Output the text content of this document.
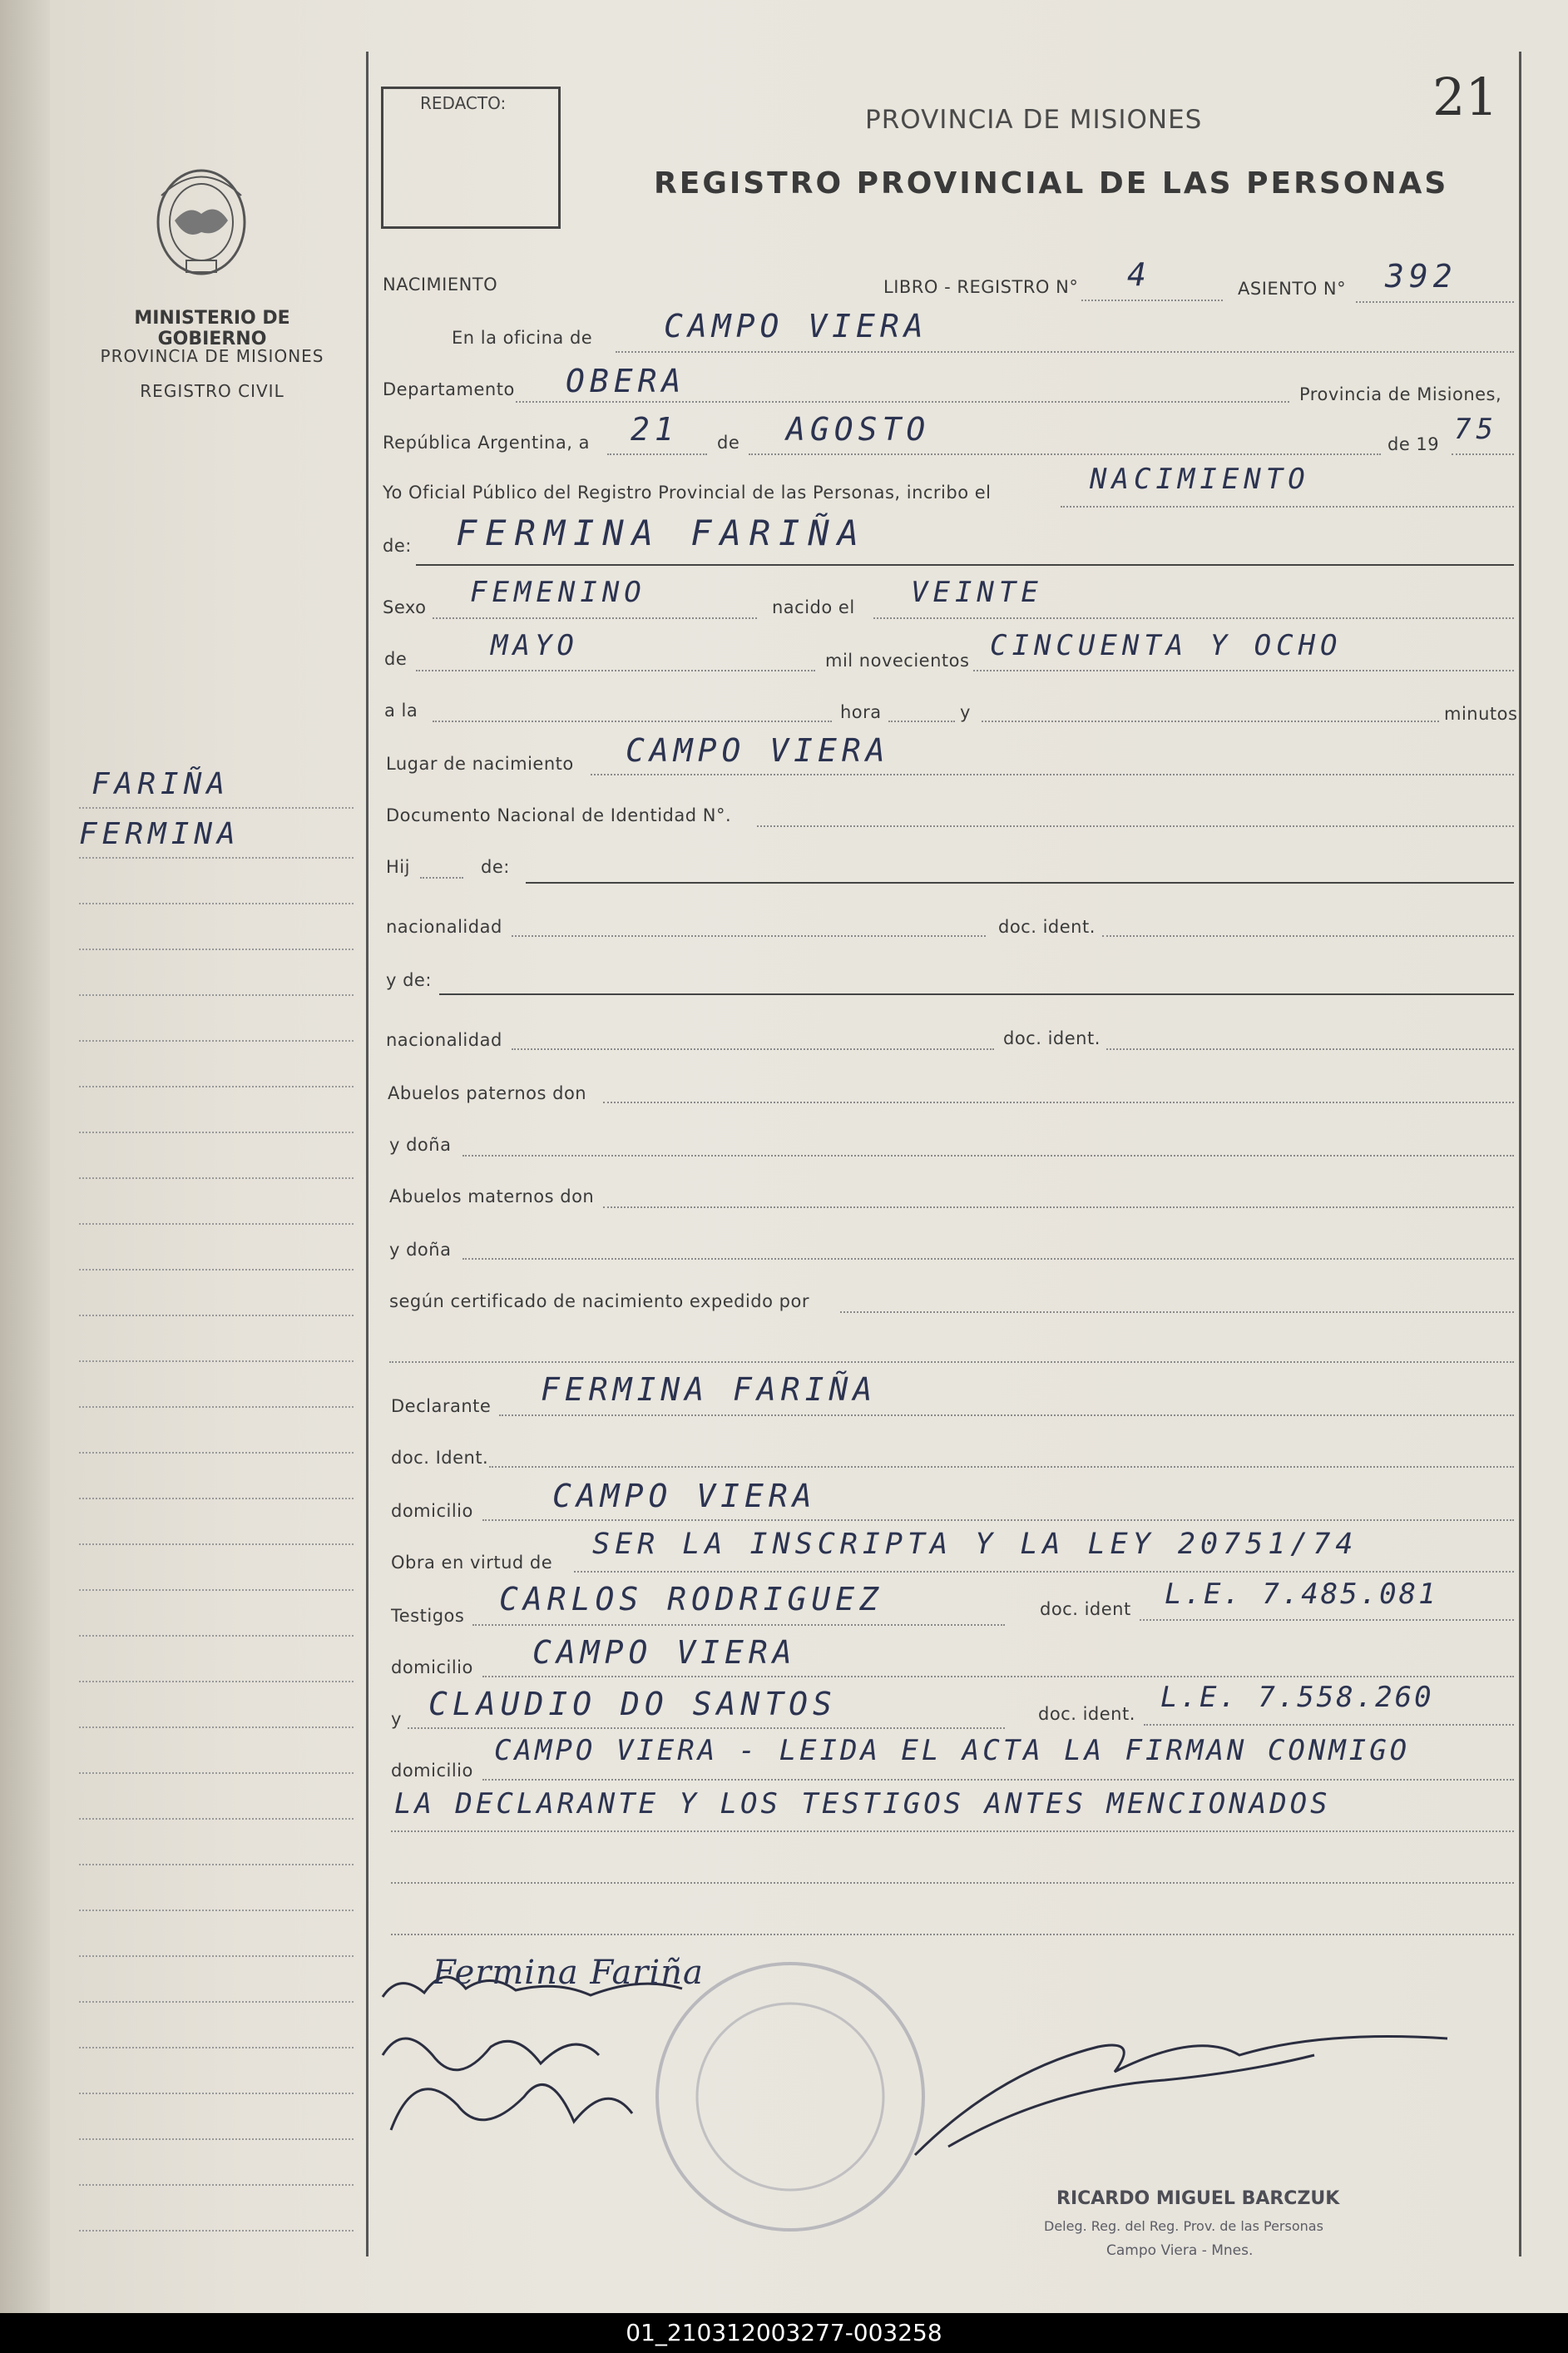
REDACTO:
PROVINCIA DE MISIONES
REGISTRO PROVINCIAL DE LAS PERSONAS
21
MINISTERIO DE GOBIERNO
PROVINCIA DE MISIONES
REGISTRO CIVIL
FARIÑA
FERMINA
NACIMIENTO	LIBRO - REGISTRO N° 4	ASIENTO N° 392
En la oficina de CAMPO VIERA
Departamento OBERA	Provincia de Misiones,
República Argentina, a 21 de AGOSTO	de 19 75
Yo Oficial Público del Registro Provincial de las Personas, incribo el	NACIMIENTO
de: FERMINA FARIÑA
Sexo FEMENINO	nacido el VEINTE
de	MAYO	mil novecientos CINCUENTA Y OCHO
a la	hora	y	minutos
Lugar de nacimiento CAMPO VIERA
Documento Nacional de Identidad N°.
Hij	de:
nacionalidad	doc. ident.
y de:
nacionalidad	doc. ident.
Abuelos paternos don
y doña
Abuelos maternos don
y doña
según certificado de nacimiento expedido por
Declarante FERMINA FARIÑA
doc. Ident.
domicilio	CAMPO VIERA
Obra en virtud de
SER LA INSCRIPTA Y LA LEY 20751/74
Testigos CARLOS RODRIGUEZ	doc. ident L.E. 7.485.081
domicilio CAMPO VIERA
y CLAUDIO DO SANTOS	doc. ident. L.E. 7.558.260
domicilio
CAMPO VIERA - LEIDA EL ACTA LA FIRMAN CONMIGO
LA DECLARANTE Y LOS TESTIGOS ANTES MENCIONADOS
Fermina Fariña
RICARDO MIGUEL BARCZUK
Deleg. Reg. del Reg. Prov. de las Personas
Campo Viera - Mnes.
01_210312003277-003258
